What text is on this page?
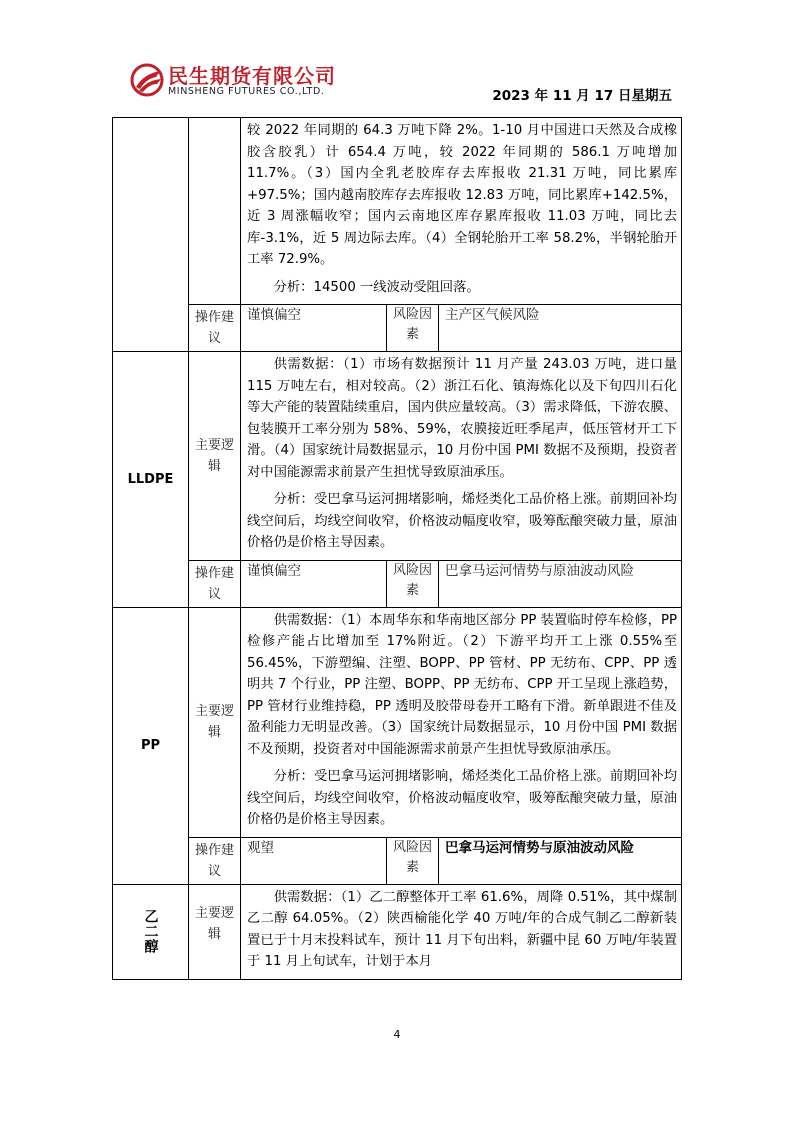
民生期货有限公司
MINSHENG FUTURES CO.,LTD.	2023 年 11 月 17 日星期五

		较 2022 年同期的 64.3 万吨下降 2%。1-10 月中国进口天然及合成橡胶含胶乳）计 654.4 万吨，较 2022 年同期的 586.1 万吨增加 11.7%。（3）国内全乳老胶库存去库报收 21.31 万吨，同比累库+97.5%；国内越南胶库存去库报收 12.83 万吨，同比累库+142.5%，近 3 周涨幅收窄；国内云南地区库存累库报收 11.03 万吨，同比去库-3.1%，近 5 周边际去库。（4）全钢轮胎开工率 58.2%，半钢轮胎开工率 72.9%。

分析：14500 一线波动受阻回落。		

	操作建议	谨慎偏空	风险因素	主产区气候风险
LLDPE	主要逻辑	供需数据：（1）市场有数据预计 11 月产量 243.03 万吨，进口量 115 万吨左右，相对较高。（2）浙江石化、镇海炼化以及下旬四川石化等大产能的装置陆续重启，国内供应量较高。（3）需求降低，下游农膜、包装膜开工率分别为 58%、59%，农膜接近旺季尾声，低压管材开工下滑。（4）国家统计局数据显示，10 月份中国 PMI 数据不及预期，投资者对中国能源需求前景产生担忧导致原油承压。

分析：受巴拿马运河拥堵影响，烯烃类化工品价格上涨。前期回补均线空间后，均线空间收窄，价格波动幅度收窄，吸筹酝酿突破力量，原油价格仍是价格主导因素。		

	操作建议	谨慎偏空	风险因素	巴拿马运河情势与原油波动风险
PP	主要逻辑	供需数据：（1）本周华东和华南地区部分 PP 装置临时停车检修，PP 检修产能占比增加至 17%附近。（2）下游平均开工上涨 0.55%至 56.45%，下游塑编、注塑、BOPP、PP 管材、PP 无纺布、CPP、PP 透明共 7 个行业，PP 注塑、BOPP、PP 无纺布、CPP 开工呈现上涨趋势，PP 管材行业维持稳，PP 透明及胶带母卷开工略有下滑。新单跟进不佳及盈利能力无明显改善。（3）国家统计局数据显示，10 月份中国 PMI 数据不及预期，投资者对中国能源需求前景产生担忧导致原油承压。

分析：受巴拿马运河拥堵影响，烯烃类化工品价格上涨。前期回补均线空间后，均线空间收窄，价格波动幅度收窄，吸筹酝酿突破力量，原油价格仍是价格主导因素。		

	操作建议	观望	风险因素	巴拿马运河情势与原油波动风险

乙二醇	主要逻辑	供需数据：（1）乙二醇整体开工率 61.6%，周降 0.51%，其中煤制乙二醇 64.05%。（2）陕西榆能化学 40 万吨/年的合成气制乙二醇新装置已于十月末投料试车，预计 11 月下旬出料，新疆中昆 60 万吨/年装置于 11 月上旬试车，计划于本月		

4
